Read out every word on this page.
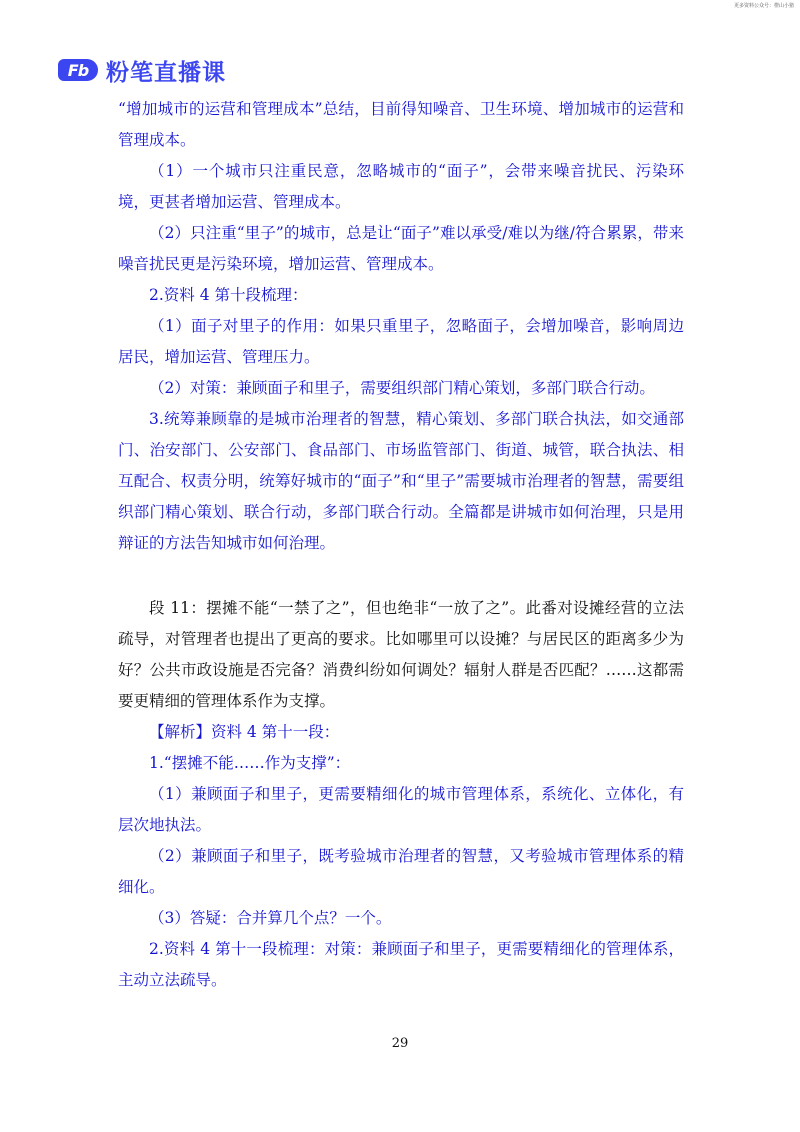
更多资料公众号：橙山小猪
Fb 粉笔直播课

“增加城市的运营和管理成本”总结，目前得知噪音、卫生环境、增加城市的运营和管理成本。

（1）一个城市只注重民意，忽略城市的“面子”，会带来噪音扰民、污染环境，更甚者增加运营、管理成本。

（2）只注重“里子”的城市，总是让“面子”难以承受/难以为继/符合累累，带来噪音扰民更是污染环境，增加运营、管理成本。

2.资料 4 第十段梳理：

（1）面子对里子的作用：如果只重里子，忽略面子，会增加噪音，影响周边居民，增加运营、管理压力。

（2）对策：兼顾面子和里子，需要组织部门精心策划，多部门联合行动。

3.统筹兼顾靠的是城市治理者的智慧，精心策划、多部门联合执法，如交通部门、治安部门、公安部门、食品部门、市场监管部门、街道、城管，联合执法、相互配合、权责分明，统筹好城市的“面子”和“里子”需要城市治理者的智慧，需要组织部门精心策划、联合行动，多部门联合行动。全篇都是讲城市如何治理，只是用辩证的方法告知城市如何治理。

段 11：摆摊不能“一禁了之”，但也绝非“一放了之”。此番对设摊经营的立法疏导，对管理者也提出了更高的要求。比如哪里可以设摊？与居民区的距离多少为好？公共市政设施是否完备？消费纠纷如何调处？辐射人群是否匹配？……这都需要更精细的管理体系作为支撑。

【解析】资料 4 第十一段：

1.“摆摊不能……作为支撑”：

（1）兼顾面子和里子，更需要精细化的城市管理体系，系统化、立体化，有层次地执法。

（2）兼顾面子和里子，既考验城市治理者的智慧，又考验城市管理体系的精细化。

（3）答疑：合并算几个点？一个。

2.资料 4 第十一段梳理：对策：兼顾面子和里子，更需要精细化的管理体系，主动立法疏导。

29
